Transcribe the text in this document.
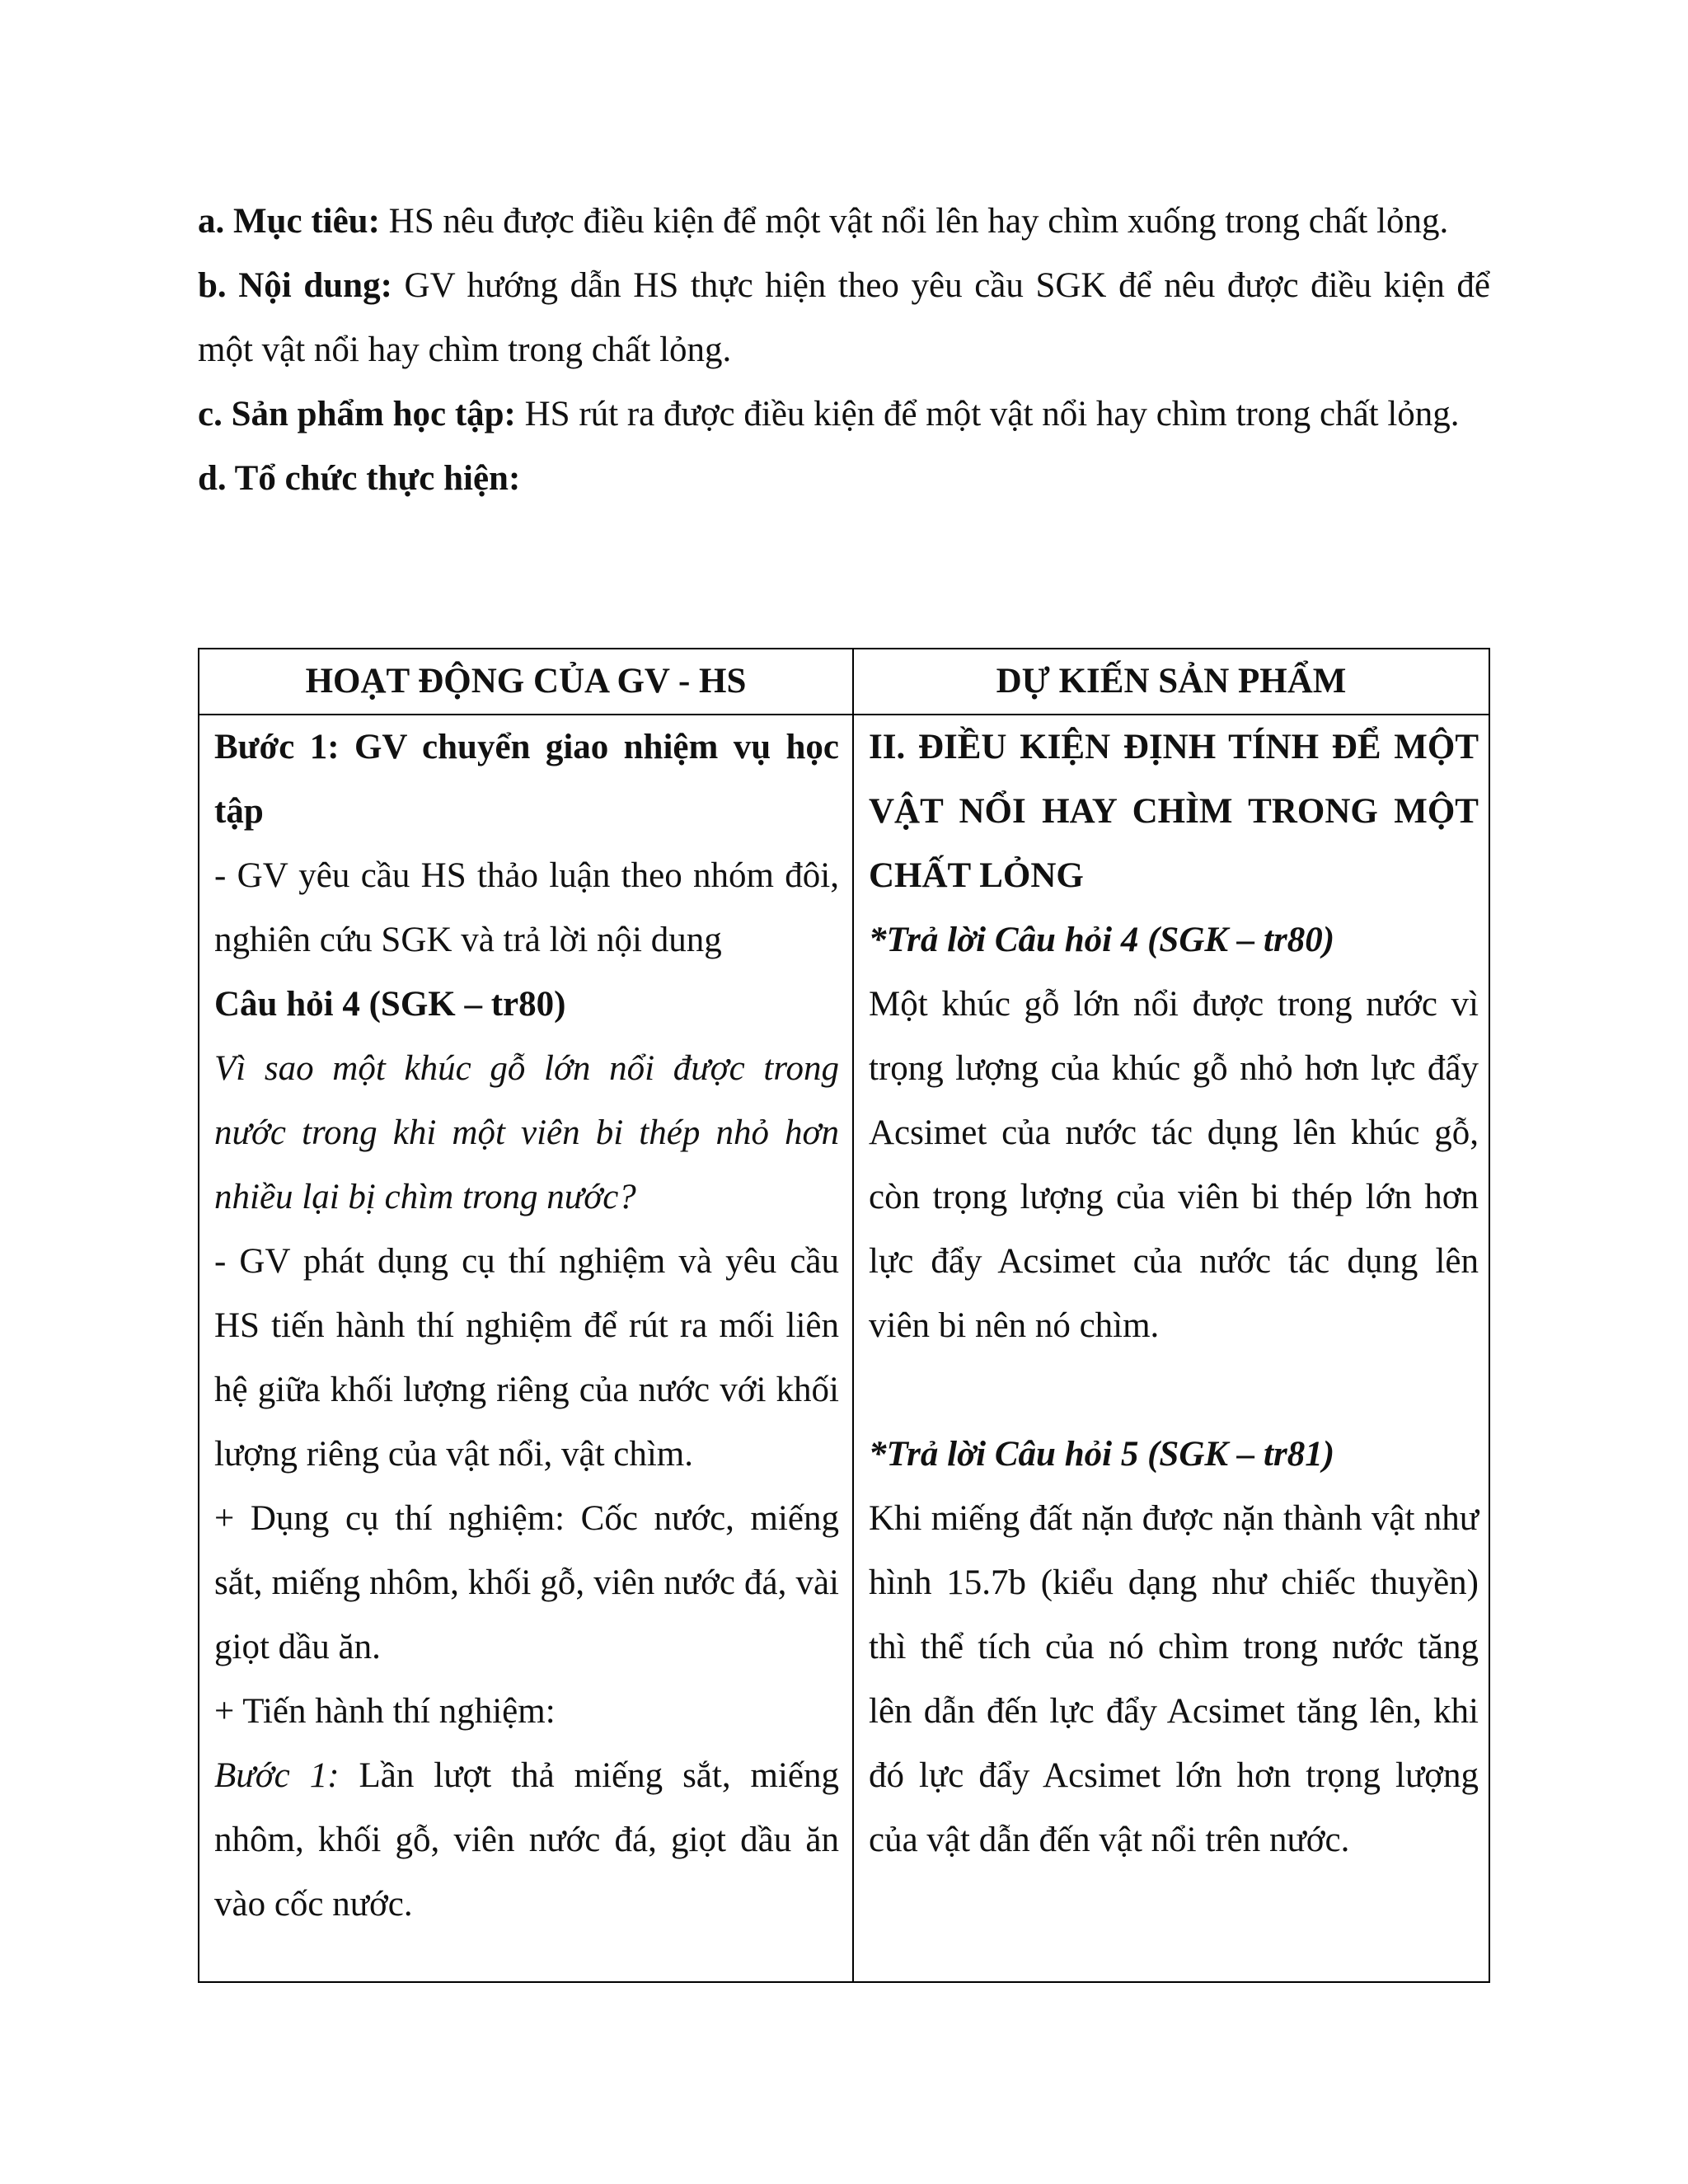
a. Mục tiêu: HS nêu được điều kiện để một vật nổi lên hay chìm xuống trong chất lỏng.

b. Nội dung: GV hướng dẫn HS thực hiện theo yêu cầu SGK để nêu được điều kiện để một vật nổi hay chìm trong chất lỏng.

c. Sản phẩm học tập: HS rút ra được điều kiện để một vật nổi hay chìm trong chất lỏng.

d. Tổ chức thực hiện:

HOẠT ĐỘNG CỦA GV - HS	DỰ KIẾN SẢN PHẨM
Bước 1: GV chuyển giao nhiệm vụ học tập
- GV yêu cầu HS thảo luận theo nhóm đôi, nghiên cứu SGK và trả lời nội dung
Câu hỏi 4 (SGK – tr80)
Vì sao một khúc gỗ lớn nổi được trong nước trong khi một viên bi thép nhỏ hơn nhiều lại bị chìm trong nước?
- GV phát dụng cụ thí nghiệm và yêu cầu HS tiến hành thí nghiệm để rút ra mối liên hệ giữa khối lượng riêng của nước với khối lượng riêng của vật nổi, vật chìm.
+ Dụng cụ thí nghiệm: Cốc nước, miếng sắt, miếng nhôm, khối gỗ, viên nước đá, vài giọt dầu ăn.
+ Tiến hành thí nghiệm:
Bước 1: Lần lượt thả miếng sắt, miếng nhôm, khối gỗ, viên nước đá, giọt dầu ăn vào cốc nước.
II. ĐIỀU KIỆN ĐỊNH TÍNH ĐỂ MỘT VẬT NỔI HAY CHÌM TRONG MỘT CHẤT LỎNG
*Trả lời Câu hỏi 4 (SGK – tr80)
Một khúc gỗ lớn nổi được trong nước vì trọng lượng của khúc gỗ nhỏ hơn lực đẩy Acsimet của nước tác dụng lên khúc gỗ, còn trọng lượng của viên bi thép lớn hơn lực đẩy Acsimet của nước tác dụng lên viên bi nên nó chìm.
*Trả lời Câu hỏi 5 (SGK – tr81)
Khi miếng đất nặn được nặn thành vật như hình 15.7b (kiểu dạng như chiếc thuyền) thì thể tích của nó chìm trong nước tăng lên dẫn đến lực đẩy Acsimet tăng lên, khi đó lực đẩy Acsimet lớn hơn trọng lượng của vật dẫn đến vật nổi trên nước.
